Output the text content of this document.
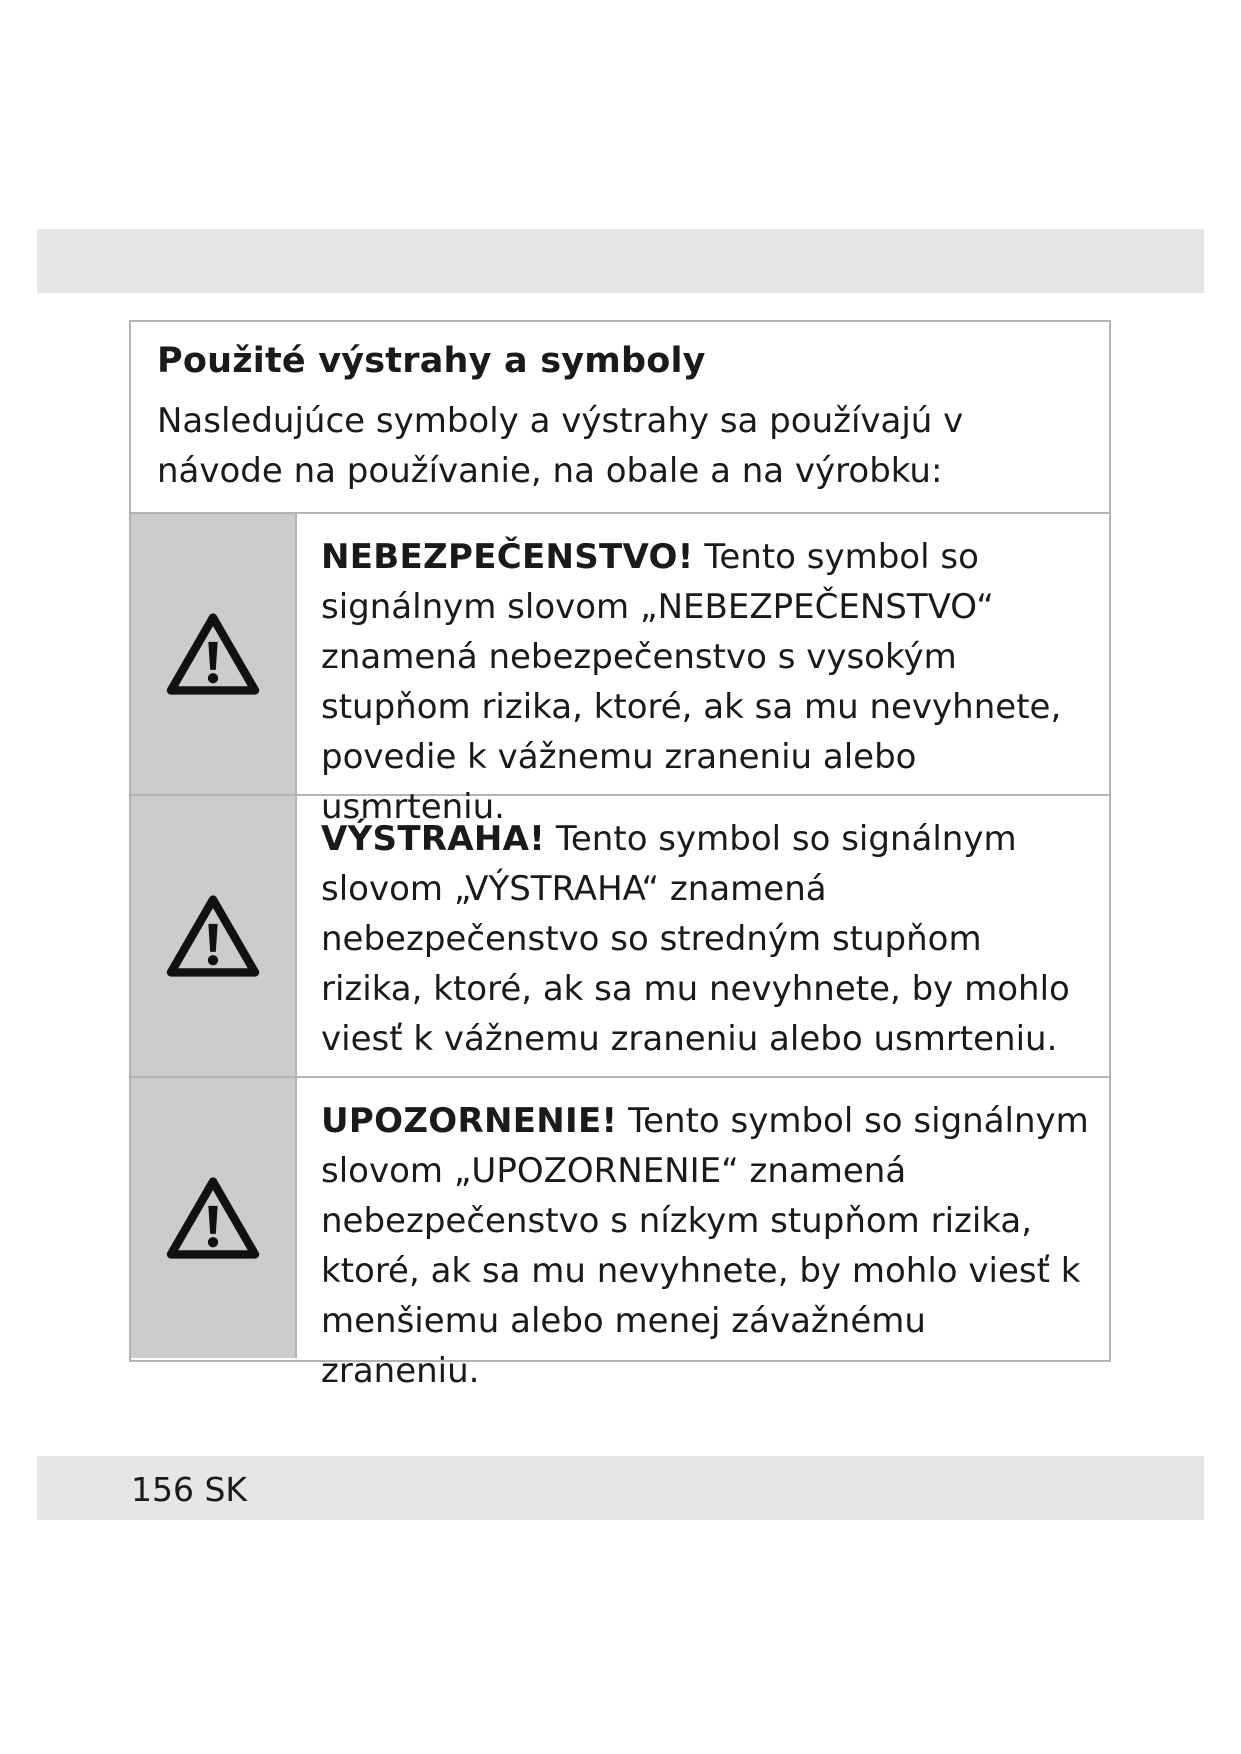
Použité výstrahy a symboly

Nasledujúce symboly a výstrahy sa používajú v návode na používanie, na obale a na výrobku:

NEBEZPEČENSTVO! Tento symbol so signálnym slovom „NEBEZPEČENSTVO“ znamená nebezpečenstvo s vysokým stupňom rizika, ktoré, ak sa mu nevyhnete, povedie k vážnemu zraneniu alebo usmrteniu.
VÝSTRAHA! Tento symbol so signálnym slovom „VÝSTRAHA“ znamená nebezpečenstvo so stredným stupňom rizika, ktoré, ak sa mu nevyhnete, by mohlo viesť k vážnemu zraneniu alebo usmrteniu.
UPOZORNENIE! Tento symbol so signálnym slovom „UPOZORNENIE“ znamená nebezpečenstvo s nízkym stupňom rizika, ktoré, ak sa mu nevyhnete, by mohlo viesť k menšiemu alebo menej závažnému zraneniu.
156 SK
